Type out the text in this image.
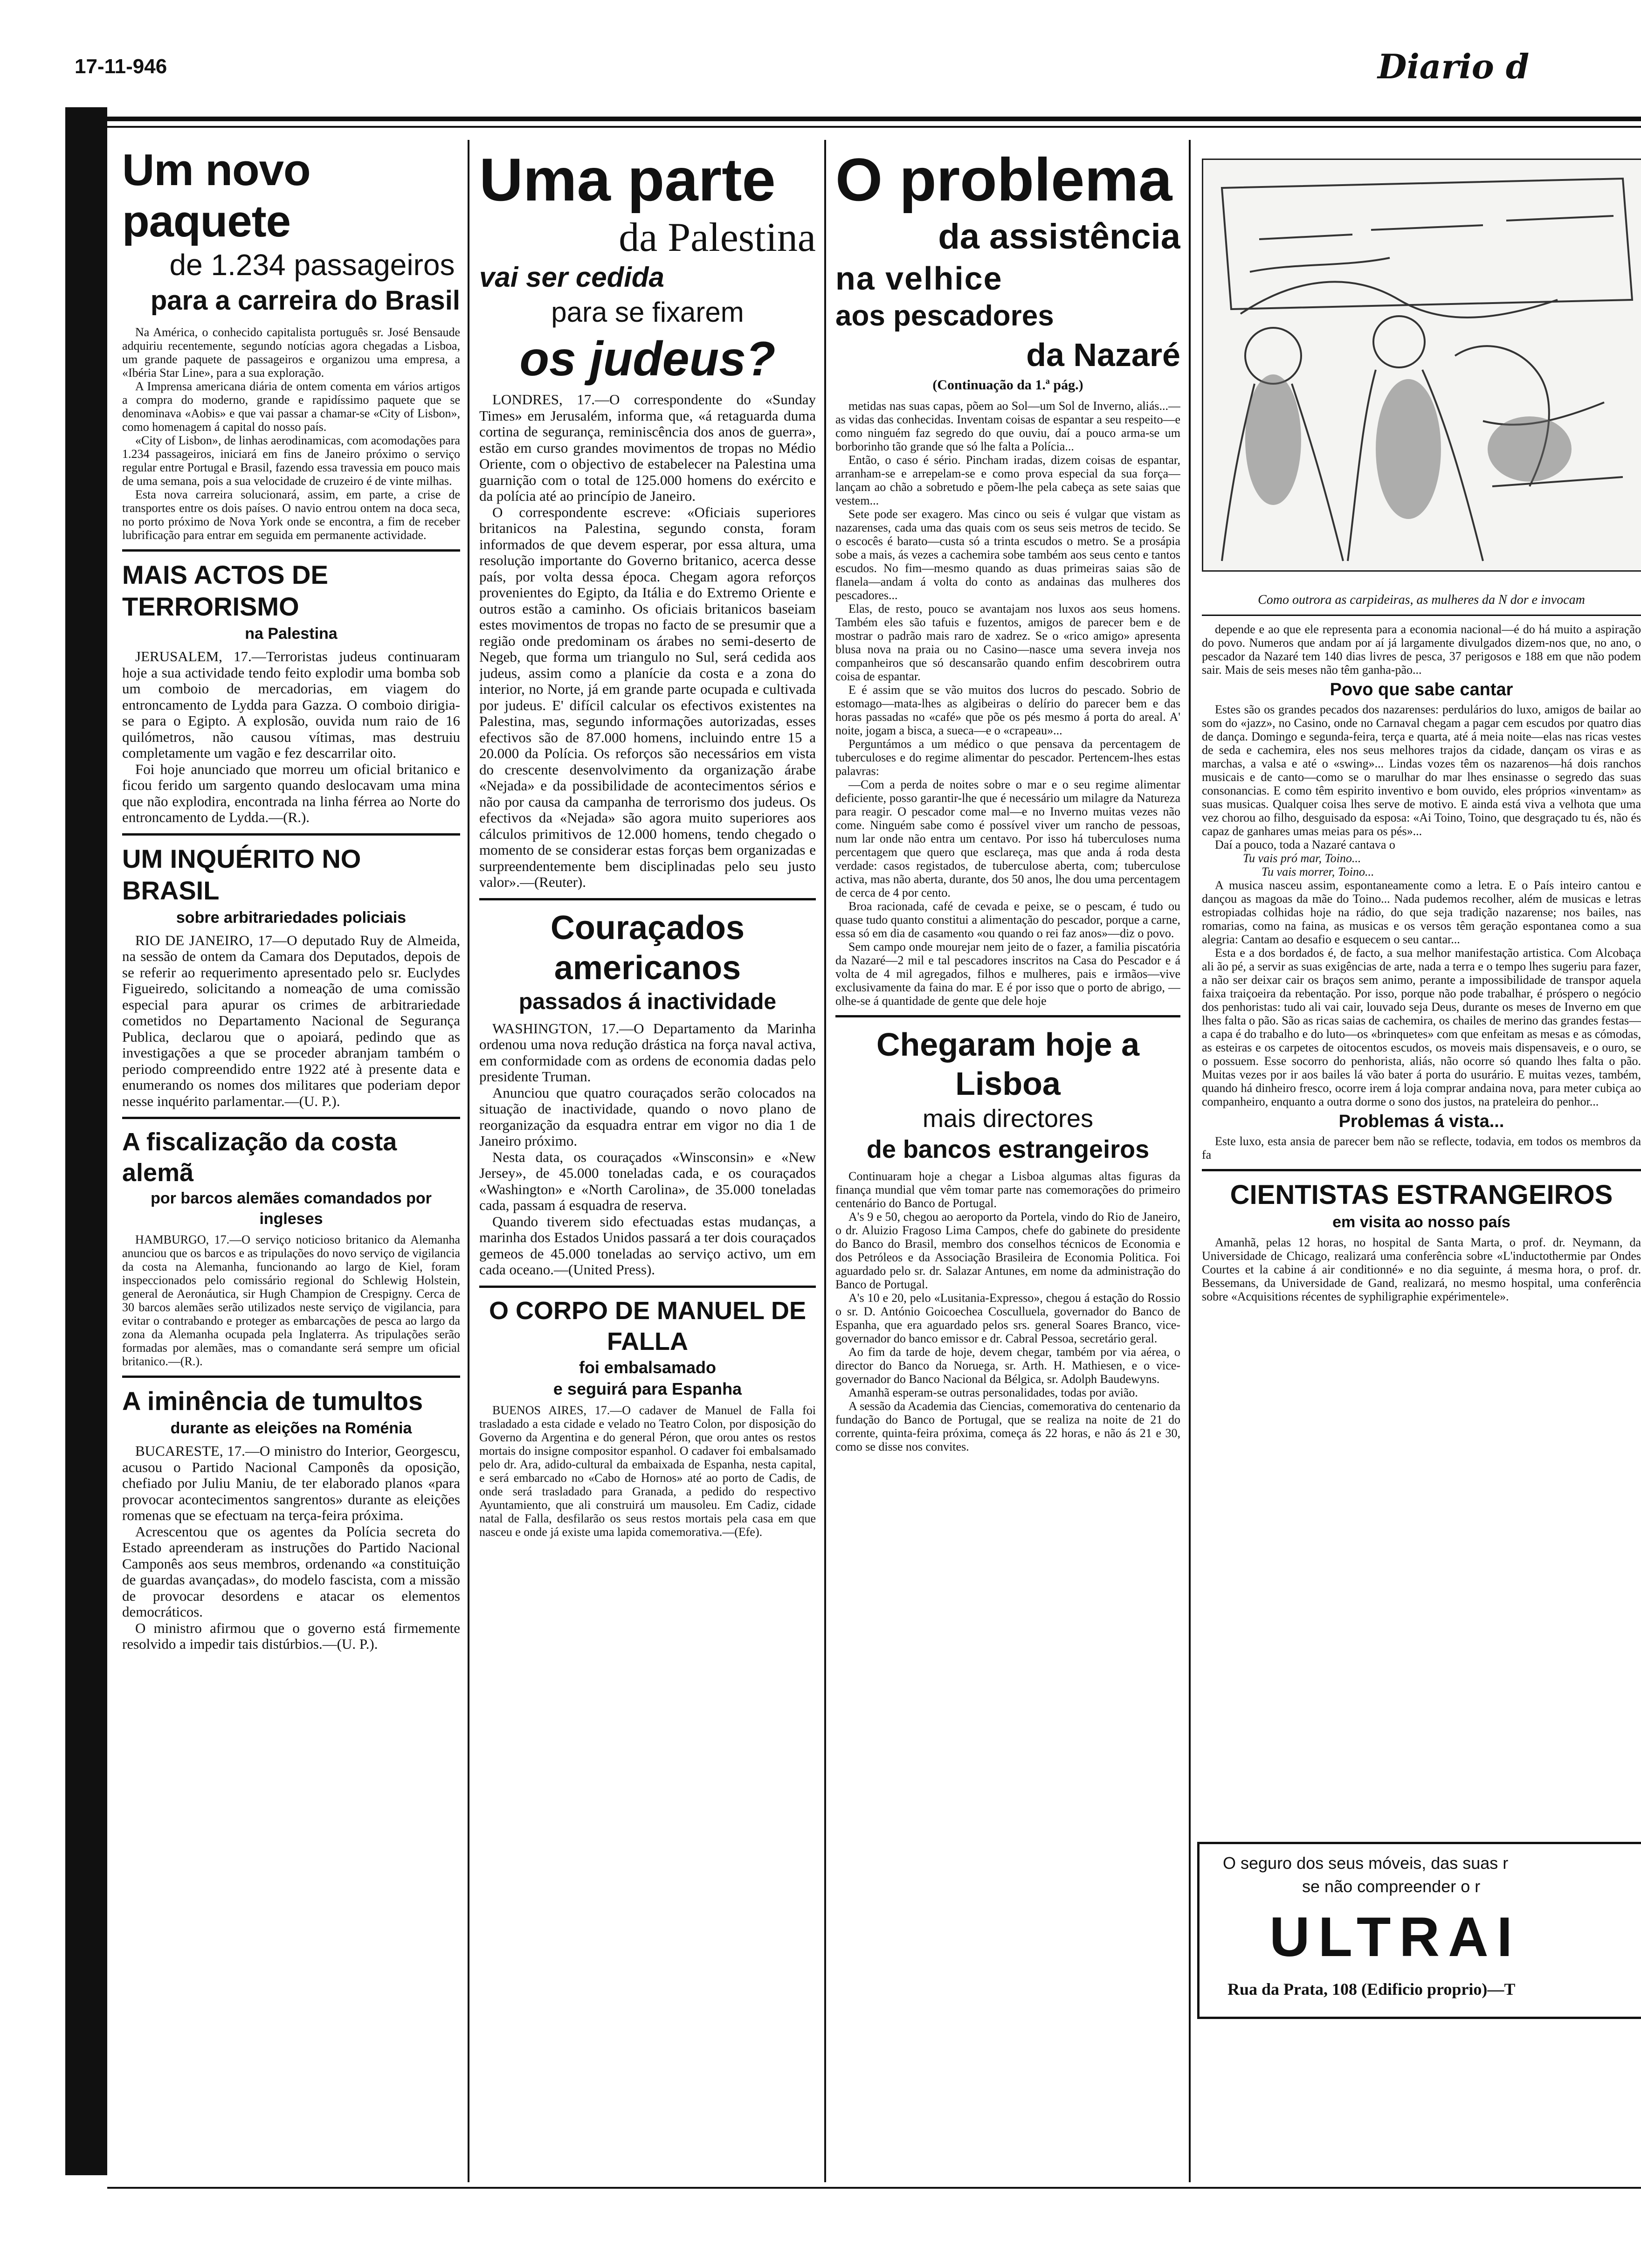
17-11-946	Diario d
Um novo paquete
de 1.234 passageiros
para a carreira do Brasil

Na América, o conhecido capitalista português sr. José Bensaude adquiriu recentemente, segundo notícias agora chegadas a Lisboa, um grande paquete de passageiros e organizou uma empresa, a «Ibéria Star Line», para a sua exploração.

A Imprensa americana diária de ontem comenta em vários artigos a compra do moderno, grande e rapidíssimo paquete que se denominava «Aobis» e que vai passar a chamar-se «City of Lisbon», como homenagem á capital do nosso país.

«City of Lisbon», de linhas aerodinamicas, com acomodações para 1.234 passageiros, iniciará em fins de Janeiro próximo o serviço regular entre Portugal e Brasil, fazendo essa travessia em pouco mais de uma semana, pois a sua velocidade de cruzeiro é de vinte milhas.

Esta nova carreira solucionará, assim, em parte, a crise de transportes entre os dois países. O navio entrou ontem na doca seca, no porto próximo de Nova York onde se encontra, a fim de receber lubrificação para entrar em seguida em permanente actividade.

MAIS ACTOS DE TERRORISMO
na Palestina

JERUSALEM, 17.—Terroristas judeus continuaram hoje a sua actividade tendo feito explodir uma bomba sob um comboio de mercadorias, em viagem do entroncamento de Lydda para Gazza. O comboio dirigia-se para o Egipto. A explosão, ouvida num raio de 16 quilómetros, não causou vítimas, mas destruiu completamente um vagão e fez descarrilar oito.

Foi hoje anunciado que morreu um oficial britanico e ficou ferido um sargento quando deslocavam uma mina que não explodira, encontrada na linha férrea ao Norte do entroncamento de Lydda.—(R.).

UM INQUÉRITO NO BRASIL
sobre arbitrariedades policiais

RIO DE JANEIRO, 17—O deputado Ruy de Almeida, na sessão de ontem da Camara dos Deputados, depois de se referir ao requerimento apresentado pelo sr. Euclydes Figueiredo, solicitando a nomeação de uma comissão especial para apurar os crimes de arbitrariedade cometidos no Departamento Nacional de Segurança Publica, declarou que o apoiará, pedindo que as investigações a que se proceder abranjam também o periodo compreendido entre 1922 até à presente data e enumerando os nomes dos militares que poderiam depor nesse inquérito parlamentar.—(U. P.).

A fiscalização da costa alemã
por barcos alemães comandados por ingleses

HAMBURGO, 17.—O serviço noticioso britanico da Alemanha anunciou que os barcos e as tripulações do novo serviço de vigilancia da costa na Alemanha, funcionando ao largo de Kiel, foram inspeccionados pelo comissário regional do Schlewig Holstein, general de Aeronáutica, sir Hugh Champion de Crespigny. Cerca de 30 barcos alemães serão utilizados neste serviço de vigilancia, para evitar o contrabando e proteger as embarcações de pesca ao largo da zona da Alemanha ocupada pela Inglaterra. As tripulações serão formadas por alemães, mas o comandante será sempre um oficial britanico.—(R.).

A iminência de tumultos
durante as eleições na Roménia

BUCARESTE, 17.—O ministro do Interior, Georgescu, acusou o Partido Nacional Camponês da oposição, chefiado por Juliu Maniu, de ter elaborado planos «para provocar acontecimentos sangrentos» durante as eleições romenas que se efectuam na terça-feira próxima.

Acrescentou que os agentes da Polícia secreta do Estado apreenderam as instruções do Partido Nacional Camponês aos seus membros, ordenando «a constituição de guardas avançadas», do modelo fascista, com a missão de provocar desordens e atacar os elementos democráticos.

O ministro afirmou que o governo está firmemente resolvido a impedir tais distúrbios.—(U. P.).

Uma parte
da Palestina
vai ser cedida
para se fixarem
os judeus?

LONDRES, 17.—O correspondente do «Sunday Times» em Jerusalém, informa que, «á retaguarda duma cortina de segurança, reminiscência dos anos de guerra», estão em curso grandes movimentos de tropas no Médio Oriente, com o objectivo de estabelecer na Palestina uma guarnição com o total de 125.000 homens do exército e da polícia até ao princípio de Janeiro.

O correspondente escreve: «Oficiais superiores britanicos na Palestina, segundo consta, foram informados de que devem esperar, por essa altura, uma resolução importante do Governo britanico, acerca desse país, por volta dessa época. Chegam agora reforços provenientes do Egipto, da Itália e do Extremo Oriente e outros estão a caminho. Os oficiais britanicos baseiam estes movimentos de tropas no facto de se presumir que a região onde predominam os árabes no semi-deserto de Negeb, que forma um triangulo no Sul, será cedida aos judeus, assim como a planície da costa e a zona do interior, no Norte, já em grande parte ocupada e cultivada por judeus. E' difícil calcular os efectivos existentes na Palestina, mas, segundo informações autorizadas, esses efectivos são de 87.000 homens, incluindo entre 15 a 20.000 da Polícia. Os reforços são necessários em vista do crescente desenvolvimento da organização árabe «Nejada» e da possibilidade de acontecimentos sérios e não por causa da campanha de terrorismo dos judeus. Os efectivos da «Nejada» são agora muito superiores aos cálculos primitivos de 12.000 homens, tendo chegado o momento de se considerar estas forças bem organizadas e surpreendentemente bem disciplinadas pelo seu justo valor».—(Reuter).

Couraçados americanos
passados á inactividade

WASHINGTON, 17.—O Departamento da Marinha ordenou uma nova redução drástica na força naval activa, em conformidade com as ordens de economia dadas pelo presidente Truman.

Anunciou que quatro couraçados serão colocados na situação de inactividade, quando o novo plano de reorganização da esquadra entrar em vigor no dia 1 de Janeiro próximo.

Nesta data, os couraçados «Winsconsin» e «New Jersey», de 45.000 toneladas cada, e os couraçados «Washington» e «North Carolina», de 35.000 toneladas cada, passam á esquadra de reserva.

Quando tiverem sido efectuadas estas mudanças, a marinha dos Estados Unidos passará a ter dois couraçados gemeos de 45.000 toneladas ao serviço activo, um em cada oceano.—(United Press).

O CORPO DE MANUEL DE FALLA
foi embalsamado
e seguirá para Espanha

BUENOS AIRES, 17.—O cadaver de Manuel de Falla foi trasladado a esta cidade e velado no Teatro Colon, por disposição do Governo da Argentina e do general Péron, que orou antes os restos mortais do insigne compositor espanhol. O cadaver foi embalsamado pelo dr. Ara, adido-cultural da embaixada de Espanha, nesta capital, e será embarcado no «Cabo de Hornos» até ao porto de Cadis, de onde será trasladado para Granada, a pedido do respectivo Ayuntamiento, que ali construirá um mausoleu. Em Cadiz, cidade natal de Falla, desfilarão os seus restos mortais pela casa em que nasceu e onde já existe uma lapida comemorativa.—(Efe).

O problema
da assistência
na velhice
aos pescadores
da Nazaré
(Continuação da 1.ª pág.)

metidas nas suas capas, põem ao Sol—um Sol de Inverno, aliás...—as vidas das conhecidas. Inventam coisas de espantar a seu respeito—e como ninguém faz segredo do que ouviu, daí a pouco arma-se um borborinho tão grande que só lhe falta a Polícia...

Então, o caso é sério. Pincham iradas, dizem coisas de espantar, arranham-se e arrepelam-se e como prova especial da sua força—lançam ao chão a sobretudo e põem-lhe pela cabeça as sete saias que vestem...

Sete pode ser exagero. Mas cinco ou seis é vulgar que vistam as nazarenses, cada uma das quais com os seus seis metros de tecido. Se o escocês é barato—custa só a trinta escudos o metro. Se a prosápia sobe a mais, ás vezes a cachemira sobe também aos seus cento e tantos escudos. No fim—mesmo quando as duas primeiras saias são de flanela—andam á volta do conto as andainas das mulheres dos pescadores...

Elas, de resto, pouco se avantajam nos luxos aos seus homens. Também eles são tafuis e fuzentos, amigos de parecer bem e de mostrar o padrão mais raro de xadrez. Se o «rico amigo» apresenta blusa nova na praia ou no Casino—nasce uma severa inveja nos companheiros que só descansarão quando enfim descobrirem outra coisa de espantar.

E é assim que se vão muitos dos lucros do pescado. Sobrio de estomago—mata-lhes as algibeiras o delírio do parecer bem e das horas passadas no «café» que põe os pés mesmo á porta do areal. A' noite, jogam a bisca, a sueca—e o «crapeau»...

Perguntámos a um médico o que pensava da percentagem de tuberculoses e do regime alimentar do pescador. Pertencem-lhes estas palavras:

—Com a perda de noites sobre o mar e o seu regime alimentar deficiente, posso garantir-lhe que é necessário um milagre da Natureza para reagir. O pescador come mal—e no Inverno muitas vezes não come. Ninguém sabe como é possível viver um rancho de pessoas, num lar onde não entra um centavo. Por isso há tuberculoses numa percentagem que quero que esclareça, mas que anda á roda desta verdade: casos registados, de tuberculose aberta, com; tuberculose activa, mas não aberta, durante, dos 50 anos, lhe dou uma percentagem de cerca de 4 por cento.

Broa racionada, café de cevada e peixe, se o pescam, é tudo ou quase tudo quanto constitui a alimentação do pescador, porque a carne, essa só em dia de casamento «ou quando o rei faz anos»—diz o povo.

Sem campo onde mourejar nem jeito de o fazer, a familia piscatória da Nazaré—2 mil e tal pescadores inscritos na Casa do Pescador e á volta de 4 mil agregados, filhos e mulheres, pais e irmãos—vive exclusivamente da faina do mar. E é por isso que o porto de abrigo, —olhe-se á quantidade de gente que dele hoje

Chegaram hoje a Lisboa
mais directores
de bancos estrangeiros

Continuaram hoje a chegar a Lisboa algumas altas figuras da finança mundial que vêm tomar parte nas comemorações do primeiro centenário do Banco de Portugal.

A's 9 e 50, chegou ao aeroporto da Portela, vindo do Rio de Janeiro, o dr. Aluizio Fragoso Lima Campos, chefe do gabinete do presidente do Banco do Brasil, membro dos conselhos técnicos de Economia e dos Petróleos e da Associação Brasileira de Economia Politica. Foi aguardado pelo sr. dr. Salazar Antunes, em nome da administração do Banco de Portugal.

A's 10 e 20, pelo «Lusitania-Expresso», chegou á estação do Rossio o sr. D. António Goicoechea Cosculluela, governador do Banco de Espanha, que era aguardado pelos srs. general Soares Branco, vice-governador do banco emissor e dr. Cabral Pessoa, secretário geral.

Ao fim da tarde de hoje, devem chegar, também por via aérea, o director do Banco da Noruega, sr. Arth. H. Mathiesen, e o vice-governador do Banco Nacional da Bélgica, sr. Adolph Baudewyns.

Amanhã esperam-se outras personalidades, todas por avião.

A sessão da Academia das Ciencias, comemorativa do centenario da fundação do Banco de Portugal, que se realiza na noite de 21 do corrente, quinta-feira próxima, começa ás 22 horas, e não ás 21 e 30, como se disse nos convites.

Como outrora as carpideiras, as mulheres da N dor e invocam

depende e ao que ele representa para a economia nacional—é do há muito a aspiração do povo. Numeros que andam por aí já largamente divulgados dizem-nos que, no ano, o pescador da Nazaré tem 140 dias livres de pesca, 37 perigosos e 188 em que não podem sair. Mais de seis meses não têm ganha-pão...

Povo que sabe cantar

Estes são os grandes pecados dos nazarenses: perdulários do luxo, amigos de bailar ao som do «jazz», no Casino, onde no Carnaval chegam a pagar cem escudos por quatro dias de dança. Domingo e segunda-feira, terça e quarta, até á meia noite—elas nas ricas vestes de seda e cachemira, eles nos seus melhores trajos da cidade, dançam os viras e as marchas, a valsa e até o «swing»... Lindas vozes têm os nazarenos—há dois ranchos musicais e de canto—como se o marulhar do mar lhes ensinasse o segredo das suas consonancias. E como têm espirito inventivo e bom ouvido, eles próprios «inventam» as suas musicas. Qualquer coisa lhes serve de motivo. E ainda está viva a velhota que uma vez chorou ao filho, desguisado da esposa: «Ai Toino, Toino, que desgraçado tu és, não és capaz de ganhares umas meias para os pés»...

Daí a pouco, toda a Nazaré cantava o

Tu vais pró mar, Toino...

Tu vais morrer, Toino...

A musica nasceu assim, espontaneamente como a letra. E o País inteiro cantou e dançou as magoas da mãe do Toino... Nada pudemos recolher, além de musicas e letras estropiadas colhidas hoje na rádio, do que seja tradição nazarense; nos bailes, nas romarias, como na faina, as musicas e os versos têm geração espontanea como a sua alegria: Cantam ao desafio e esquecem o seu cantar...

Esta e a dos bordados é, de facto, a sua melhor manifestação artistica. Com Alcobaça ali ão pé, a servir as suas exigências de arte, nada a terra e o tempo lhes sugeriu para fazer, a não ser deixar cair os braços sem animo, perante a impossibilidade de transpor aquela faixa traiçoeira da rebentação. Por isso, porque não pode trabalhar, é próspero o negócio dos penhoristas: tudo ali vai cair, louvado seja Deus, durante os meses de Inverno em que lhes falta o pão. São as ricas saias de cachemira, os chailes de merino das grandes festas—a capa é do trabalho e do luto—os «brinquetes» com que enfeitam as mesas e as cómodas, as esteiras e os carpetes de oitocentos escudos, os moveis mais dispensaveis, e o ouro, se o possuem. Esse socorro do penhorista, aliás, não ocorre só quando lhes falta o pão. Muitas vezes por ir aos bailes lá vão bater á porta do usurário. E muitas vezes, também, quando há dinheiro fresco, ocorre irem á loja comprar andaina nova, para meter cubiça ao companheiro, enquanto a outra dorme o sono dos justos, na prateleira do penhor...

Problemas á vista...

Este luxo, esta ansia de parecer bem não se reflecte, todavia, em todos os membros da fa

CIENTISTAS ESTRANGEIROS
em visita ao nosso país

Amanhã, pelas 12 horas, no hospital de Santa Marta, o prof. dr. Neymann, da Universidade de Chicago, realizará uma conferência sobre «L'inductothermie par Ondes Courtes et la cabine á air conditionné» e no dia seguinte, á mesma hora, o prof. dr. Bessemans, da Universidade de Gand, realizará, no mesmo hospital, uma conferência sobre «Acquisitions récentes de syphiligraphie expérimentele».

O seguro dos seus móveis, das suas r
se não compreender o r
ULTRAI
Rua da Prata, 108 (Edificio proprio)—T
